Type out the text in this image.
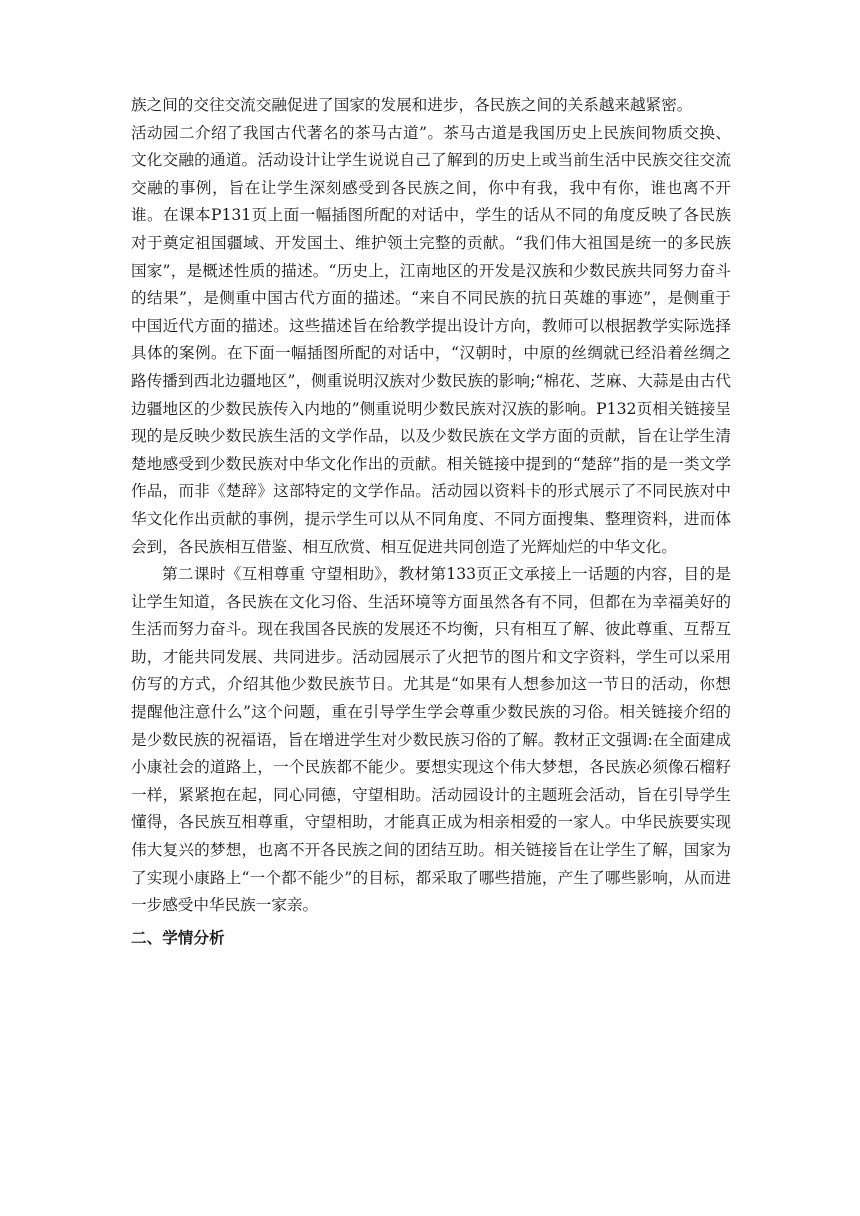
族之间的交往交流交融促进了国家的发展和进步，各民族之间的关系越来越紧密。

活动园二介绍了我国古代著名的茶马古道”。茶马古道是我国历史上民族间物质交换、文化交融的通道。活动设计让学生说说自己了解到的历史上或当前生活中民族交往交流交融的事例，旨在让学生深刻感受到各民族之间，你中有我，我中有你，谁也离不开谁。在课本P131页上面一幅插图所配的对话中，学生的话从不同的角度反映了各民族对于奠定祖国疆域、开发国土、维护领土完整的贡献。“我们伟大祖国是统一的多民族国家”，是概述性质的描述。“历史上，江南地区的开发是汉族和少数民族共同努力奋斗的结果”，是侧重中国古代方面的描述。“来自不同民族的抗日英雄的事迹”，是侧重于中国近代方面的描述。这些描述旨在给教学提出设计方向，教师可以根据教学实际选择具体的案例。在下面一幅插图所配的对话中，“汉朝时，中原的丝绸就已经沿着丝绸之路传播到西北边疆地区”，侧重说明汉族对少数民族的影响;“棉花、芝麻、大蒜是由古代边疆地区的少数民族传入内地的”侧重说明少数民族对汉族的影响。P132页相关链接呈现的是反映少数民族生活的文学作品，以及少数民族在文学方面的贡献，旨在让学生清楚地感受到少数民族对中华文化作出的贡献。相关链接中提到的“楚辞”指的是一类文学作品，而非《楚辞》这部特定的文学作品。活动园以资料卡的形式展示了不同民族对中华文化作出贡献的事例，提示学生可以从不同角度、不同方面搜集、整理资料，进而体会到，各民族相互借鉴、相互欣赏、相互促进共同创造了光辉灿烂的中华文化。

第二课时《互相尊重 守望相助》，教材第133页正文承接上一话题的内容，目的是让学生知道，各民族在文化习俗、生活环境等方面虽然各有不同，但都在为幸福美好的生活而努力奋斗。现在我国各民族的发展还不均衡，只有相互了解、彼此尊重、互帮互助，才能共同发展、共同进步。活动园展示了火把节的图片和文字资料，学生可以采用仿写的方式，介绍其他少数民族节日。尤其是“如果有人想参加这一节日的活动，你想提醒他注意什么”这个问题，重在引导学生学会尊重少数民族的习俗。相关链接介绍的是少数民族的祝福语，旨在增进学生对少数民族习俗的了解。教材正文强调:在全面建成小康社会的道路上，一个民族都不能少。要想实现这个伟大梦想，各民族必须像石榴籽一样，紧紧抱在起，同心同德，守望相助。活动园设计的主题班会活动，旨在引导学生懂得，各民族互相尊重，守望相助，才能真正成为相亲相爱的一家人。中华民族要实现伟大复兴的梦想，也离不开各民族之间的团结互助。相关链接旨在让学生了解，国家为了实现小康路上“一个都不能少”的目标，都采取了哪些措施，产生了哪些影响，从而进一步感受中华民族一家亲。

二、学情分析
